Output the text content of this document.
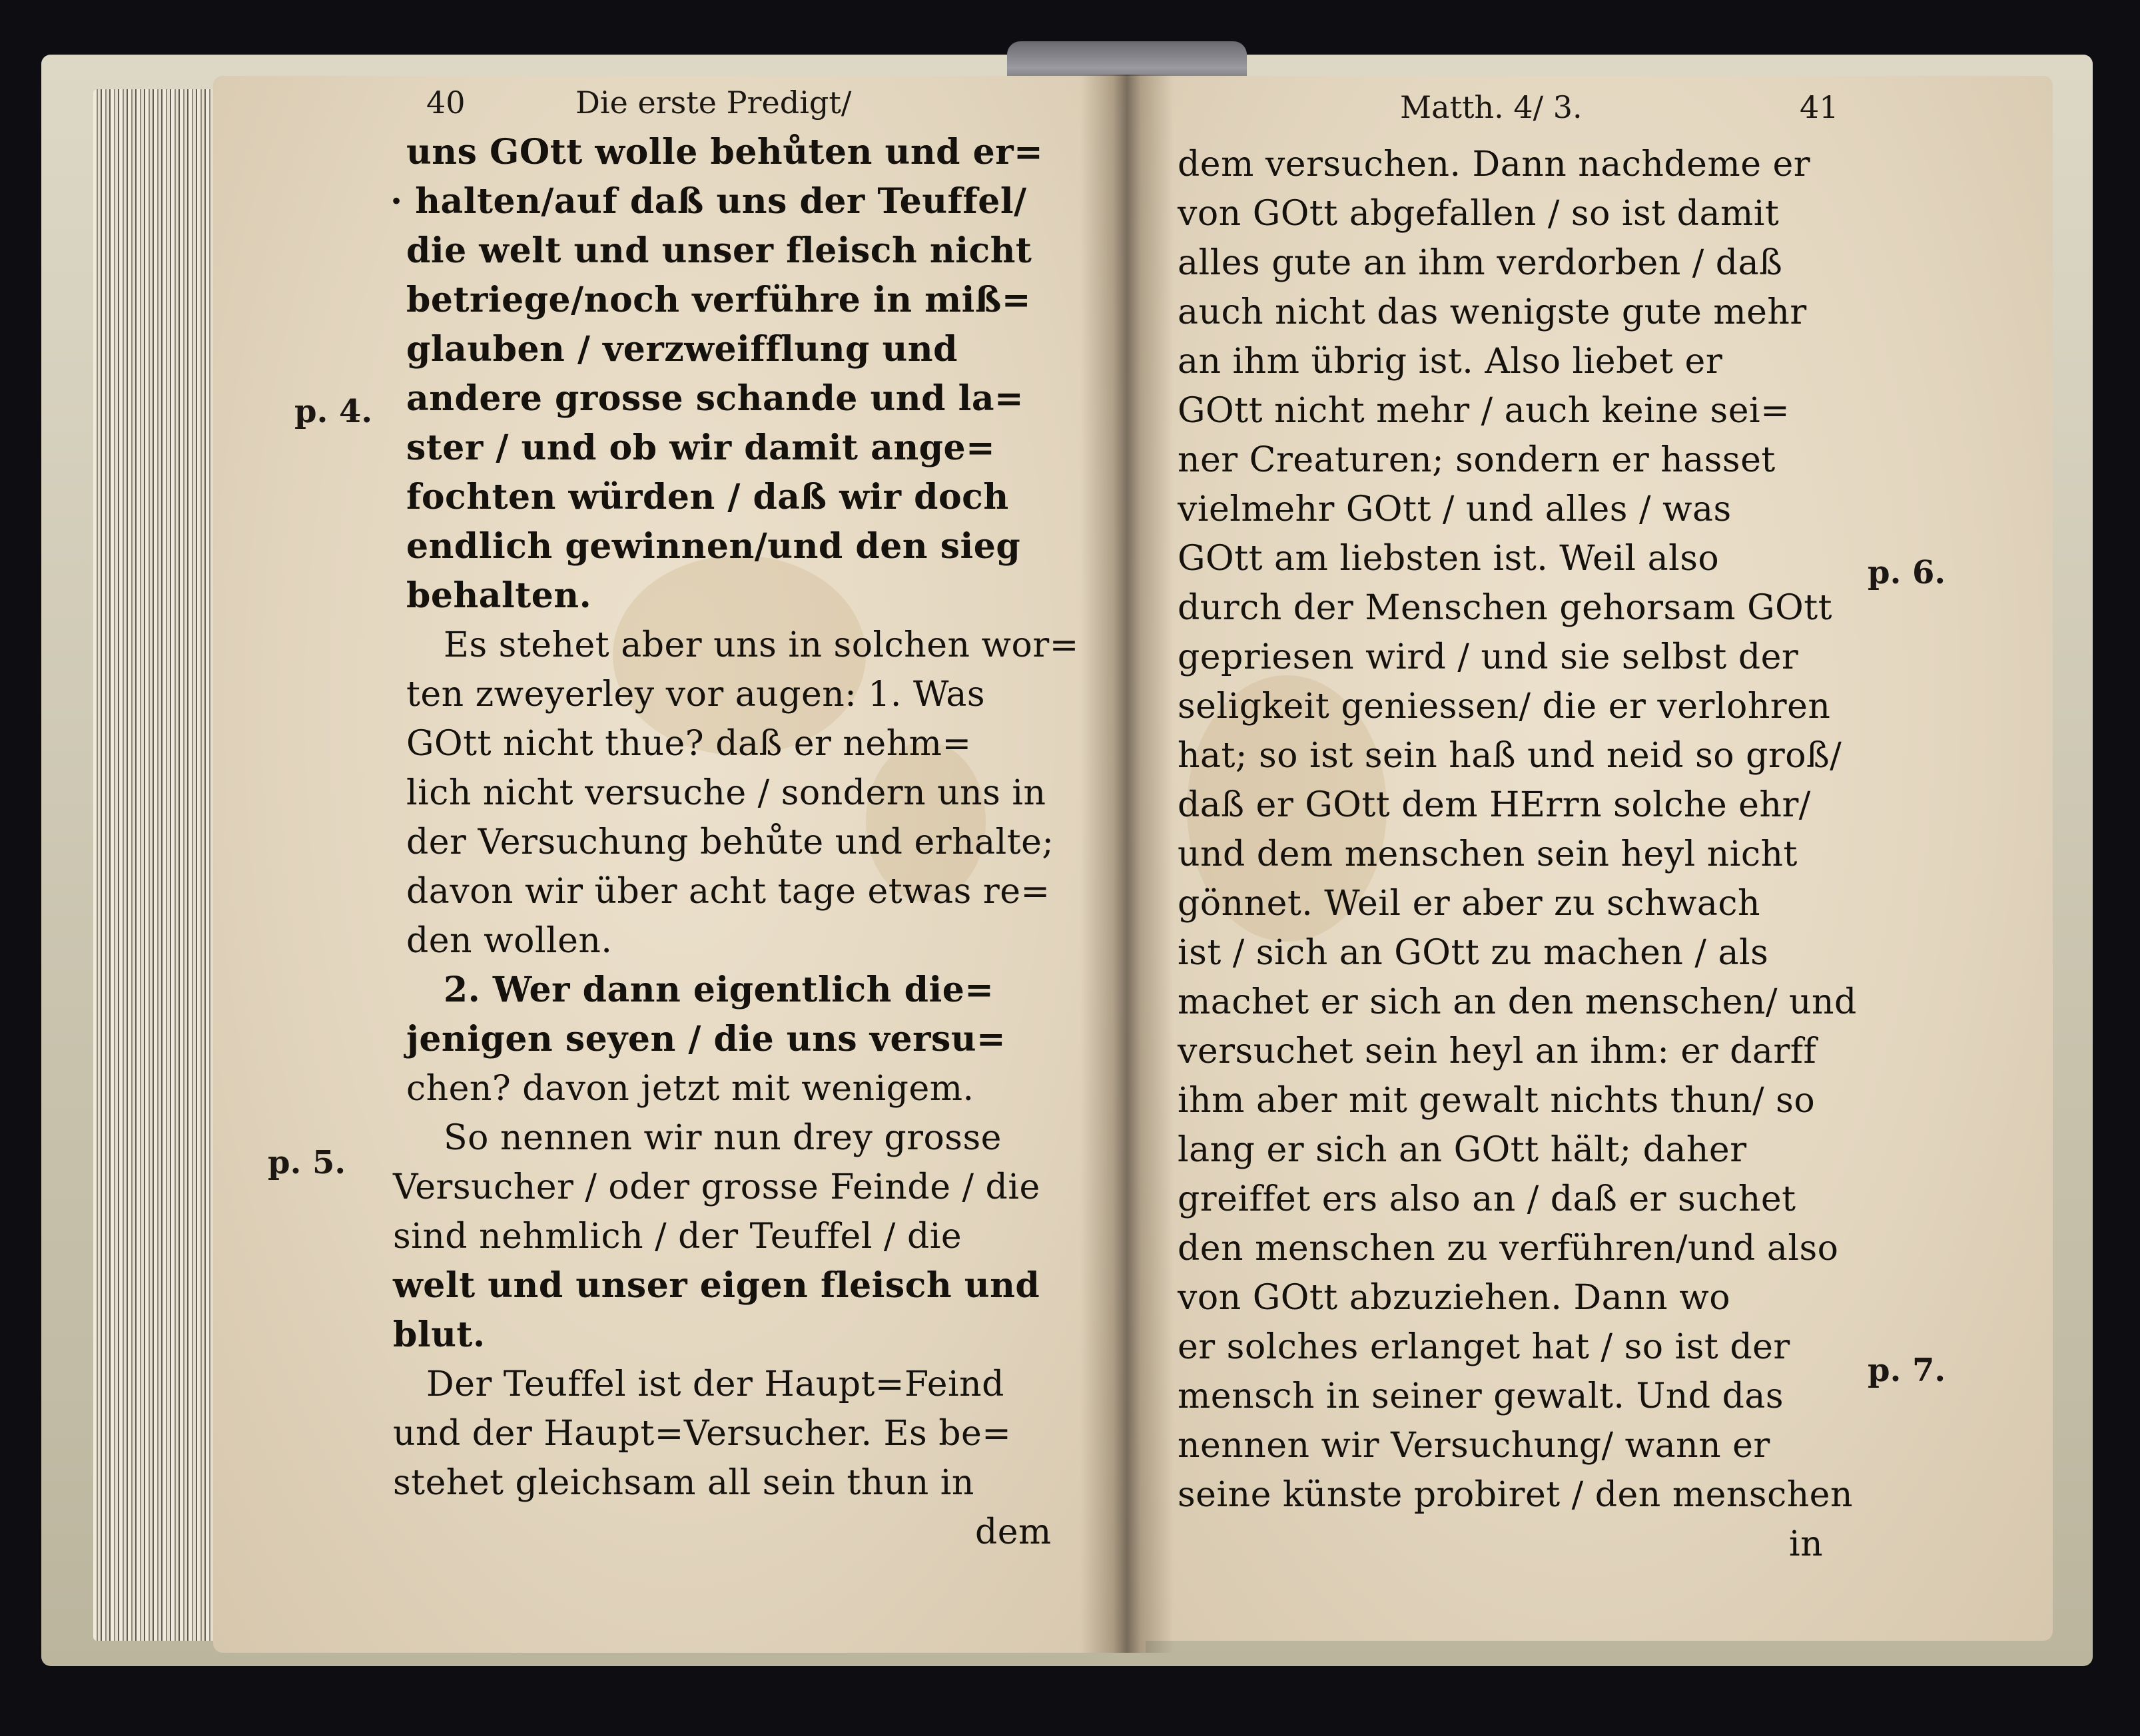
40	Die erste Predigt/
p. 4.
p. 5.
uns GOtt wolle behůten und er=
· halten/auf daß uns der Teuffel/
die welt und unser fleisch nicht
betriege/noch verführe in miß=
glauben / verzweifflung und
andere grosse schande und la=
ster / und ob wir damit ange=
fochten würden / daß wir doch
endlich gewinnen/und den sieg
behalten.
Es stehet aber uns in solchen wor=
ten zweyerley vor augen: 1. Was
GOtt nicht thue? daß er nehm=
lich nicht versuche / sondern uns in
der Versuchung behůte und erhalte;
davon wir über acht tage etwas re=
den wollen.
2. Wer dann eigentlich die=
jenigen seyen / die uns versu=
chen? davon jetzt mit wenigem.
So nennen wir nun drey grosse
Versucher / oder grosse Feinde / die
sind nehmlich / der Teuffel / die
welt und unser eigen fleisch und
blut.
Der Teuffel ist der Haupt=Feind
und der Haupt=Versucher. Es be=
stehet gleichsam all sein thun in
dem
Matth. 4/ 3.	41
p. 6.
p. 7.
dem versuchen. Dann nachdeme er
von GOtt abgefallen / so ist damit
alles gute an ihm verdorben / daß
auch nicht das wenigste gute mehr
an ihm übrig ist. Also liebet er
GOtt nicht mehr / auch keine sei=
ner Creaturen; sondern er hasset
vielmehr GOtt / und alles / was
GOtt am liebsten ist. Weil also
durch der Menschen gehorsam GOtt
gepriesen wird / und sie selbst der
seligkeit geniessen/ die er verlohren
hat; so ist sein haß und neid so groß/
daß er GOtt dem HErrn solche ehr/
und dem menschen sein heyl nicht
gönnet. Weil er aber zu schwach
ist / sich an GOtt zu machen / als
machet er sich an den menschen/ und
versuchet sein heyl an ihm: er darff
ihm aber mit gewalt nichts thun/ so
lang er sich an GOtt hält; daher
greiffet ers also an / daß er suchet
den menschen zu verführen/und also
von GOtt abzuziehen. Dann wo
er solches erlanget hat / so ist der
mensch in seiner gewalt. Und das
nennen wir Versuchung/ wann er
seine künste probiret / den menschen
in
